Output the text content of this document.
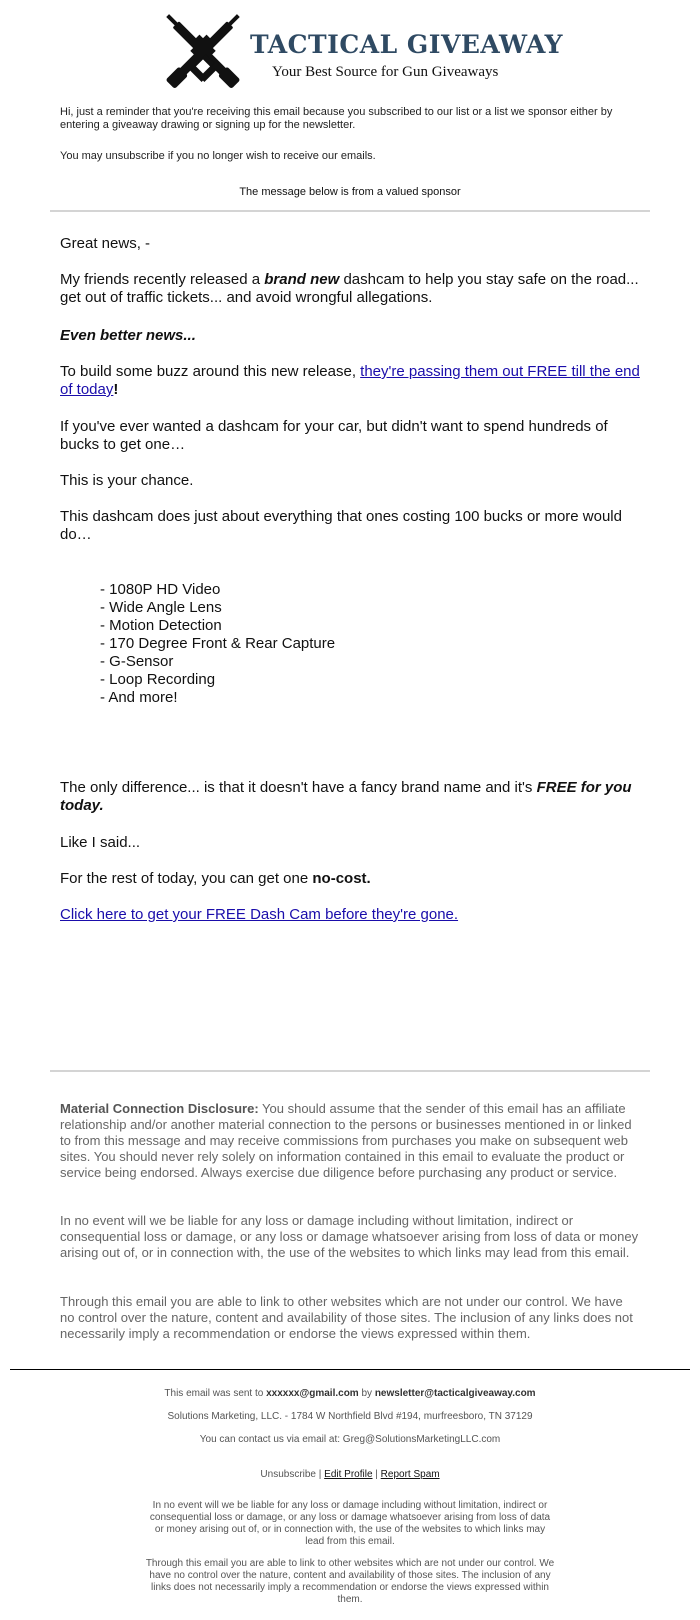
TACTICAL GIVEAWAY
Your Best Source for Gun Giveaways
Hi, just a reminder that you're receiving this email because you subscribed to our list or a list we sponsor either by entering a giveaway drawing or signing up for the newsletter.
You may unsubscribe if you no longer wish to receive our emails.
The message below is from a valued sponsor
Great news, -
My friends recently released a brand new dashcam to help you stay safe on the road... get out of traffic tickets... and avoid wrongful allegations.
Even better news...
To build some buzz around this new release, they're passing them out FREE till the end of today!
If you've ever wanted a dashcam for your car, but didn't want to spend hundreds of bucks to get one…
This is your chance.
This dashcam does just about everything that ones costing 100 bucks or more would do…
- 1080P HD Video
- Wide Angle Lens
- Motion Detection
- 170 Degree Front & Rear Capture
- G-Sensor
- Loop Recording
- And more!
The only difference... is that it doesn't have a fancy brand name and it's FREE for you today.
Like I said...
For the rest of today, you can get one no-cost.
Click here to get your FREE Dash Cam before they're gone.
Material Connection Disclosure: You should assume that the sender of this email has an affiliate relationship and/or another material connection to the persons or businesses mentioned in or linked to from this message and may receive commissions from purchases you make on subsequent web sites. You should never rely solely on information contained in this email to evaluate the product or service being endorsed. Always exercise due diligence before purchasing any product or service.
In no event will we be liable for any loss or damage including without limitation, indirect or consequential loss or damage, or any loss or damage whatsoever arising from loss of data or money arising out of, or in connection with, the use of the websites to which links may lead from this email.
Through this email you are able to link to other websites which are not under our control. We have no control over the nature, content and availability of those sites. The inclusion of any links does not necessarily imply a recommendation or endorse the views expressed within them.
This email was sent to xxxxxx@gmail.com by newsletter@tacticalgiveaway.com
Solutions Marketing, LLC. - 1784 W Northfield Blvd #194, murfreesboro, TN 37129
You can contact us via email at: Greg@SolutionsMarketingLLC.com
Unsubscribe | Edit Profile | Report Spam
In no event will we be liable for any loss or damage including without limitation, indirect or consequential loss or damage, or any loss or damage whatsoever arising from loss of data or money arising out of, or in connection with, the use of the websites to which links may lead from this email.
Through this email you are able to link to other websites which are not under our control. We have no control over the nature, content and availability of those sites. The inclusion of any links does not necessarily imply a recommendation or endorse the views expressed within them.
